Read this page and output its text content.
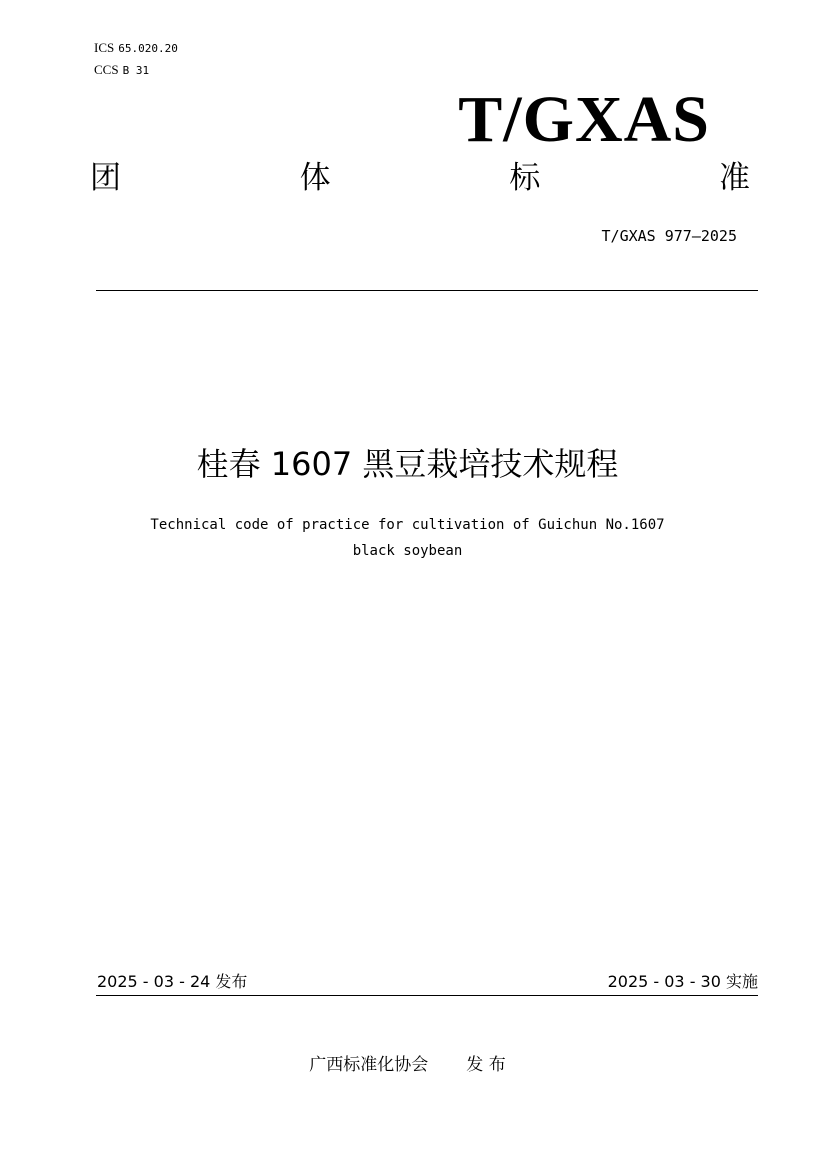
ICS 65.020.20
CCS B 31
T/GXAS
团	体	标	准
T/GXAS 977—2025
桂春 1607 黑豆栽培技术规程
Technical code of practice for cultivation of Guichun No.1607
black soybean
2025 - 03 - 24 发布	2025 - 03 - 30 实施
广西标准化协会 发 布
